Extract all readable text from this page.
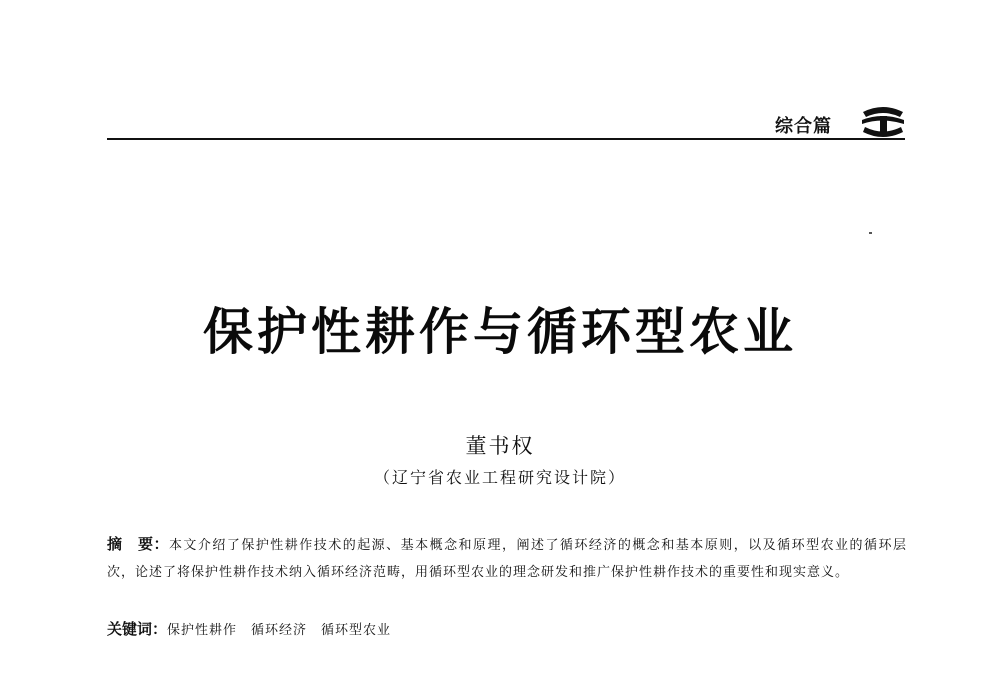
综合篇
保护性耕作与循环型农业
董书权
（辽宁省农业工程研究设计院）
摘　要：本文介绍了保护性耕作技术的起源、基本概念和原理，阐述了循环经济的概念和基本原则，以及循环型农业的循环层次，论述了将保护性耕作技术纳入循环经济范畴，用循环型农业的理念研发和推广保护性耕作技术的重要性和现实意义。
关键词：保护性耕作 循环经济 循环型农业
